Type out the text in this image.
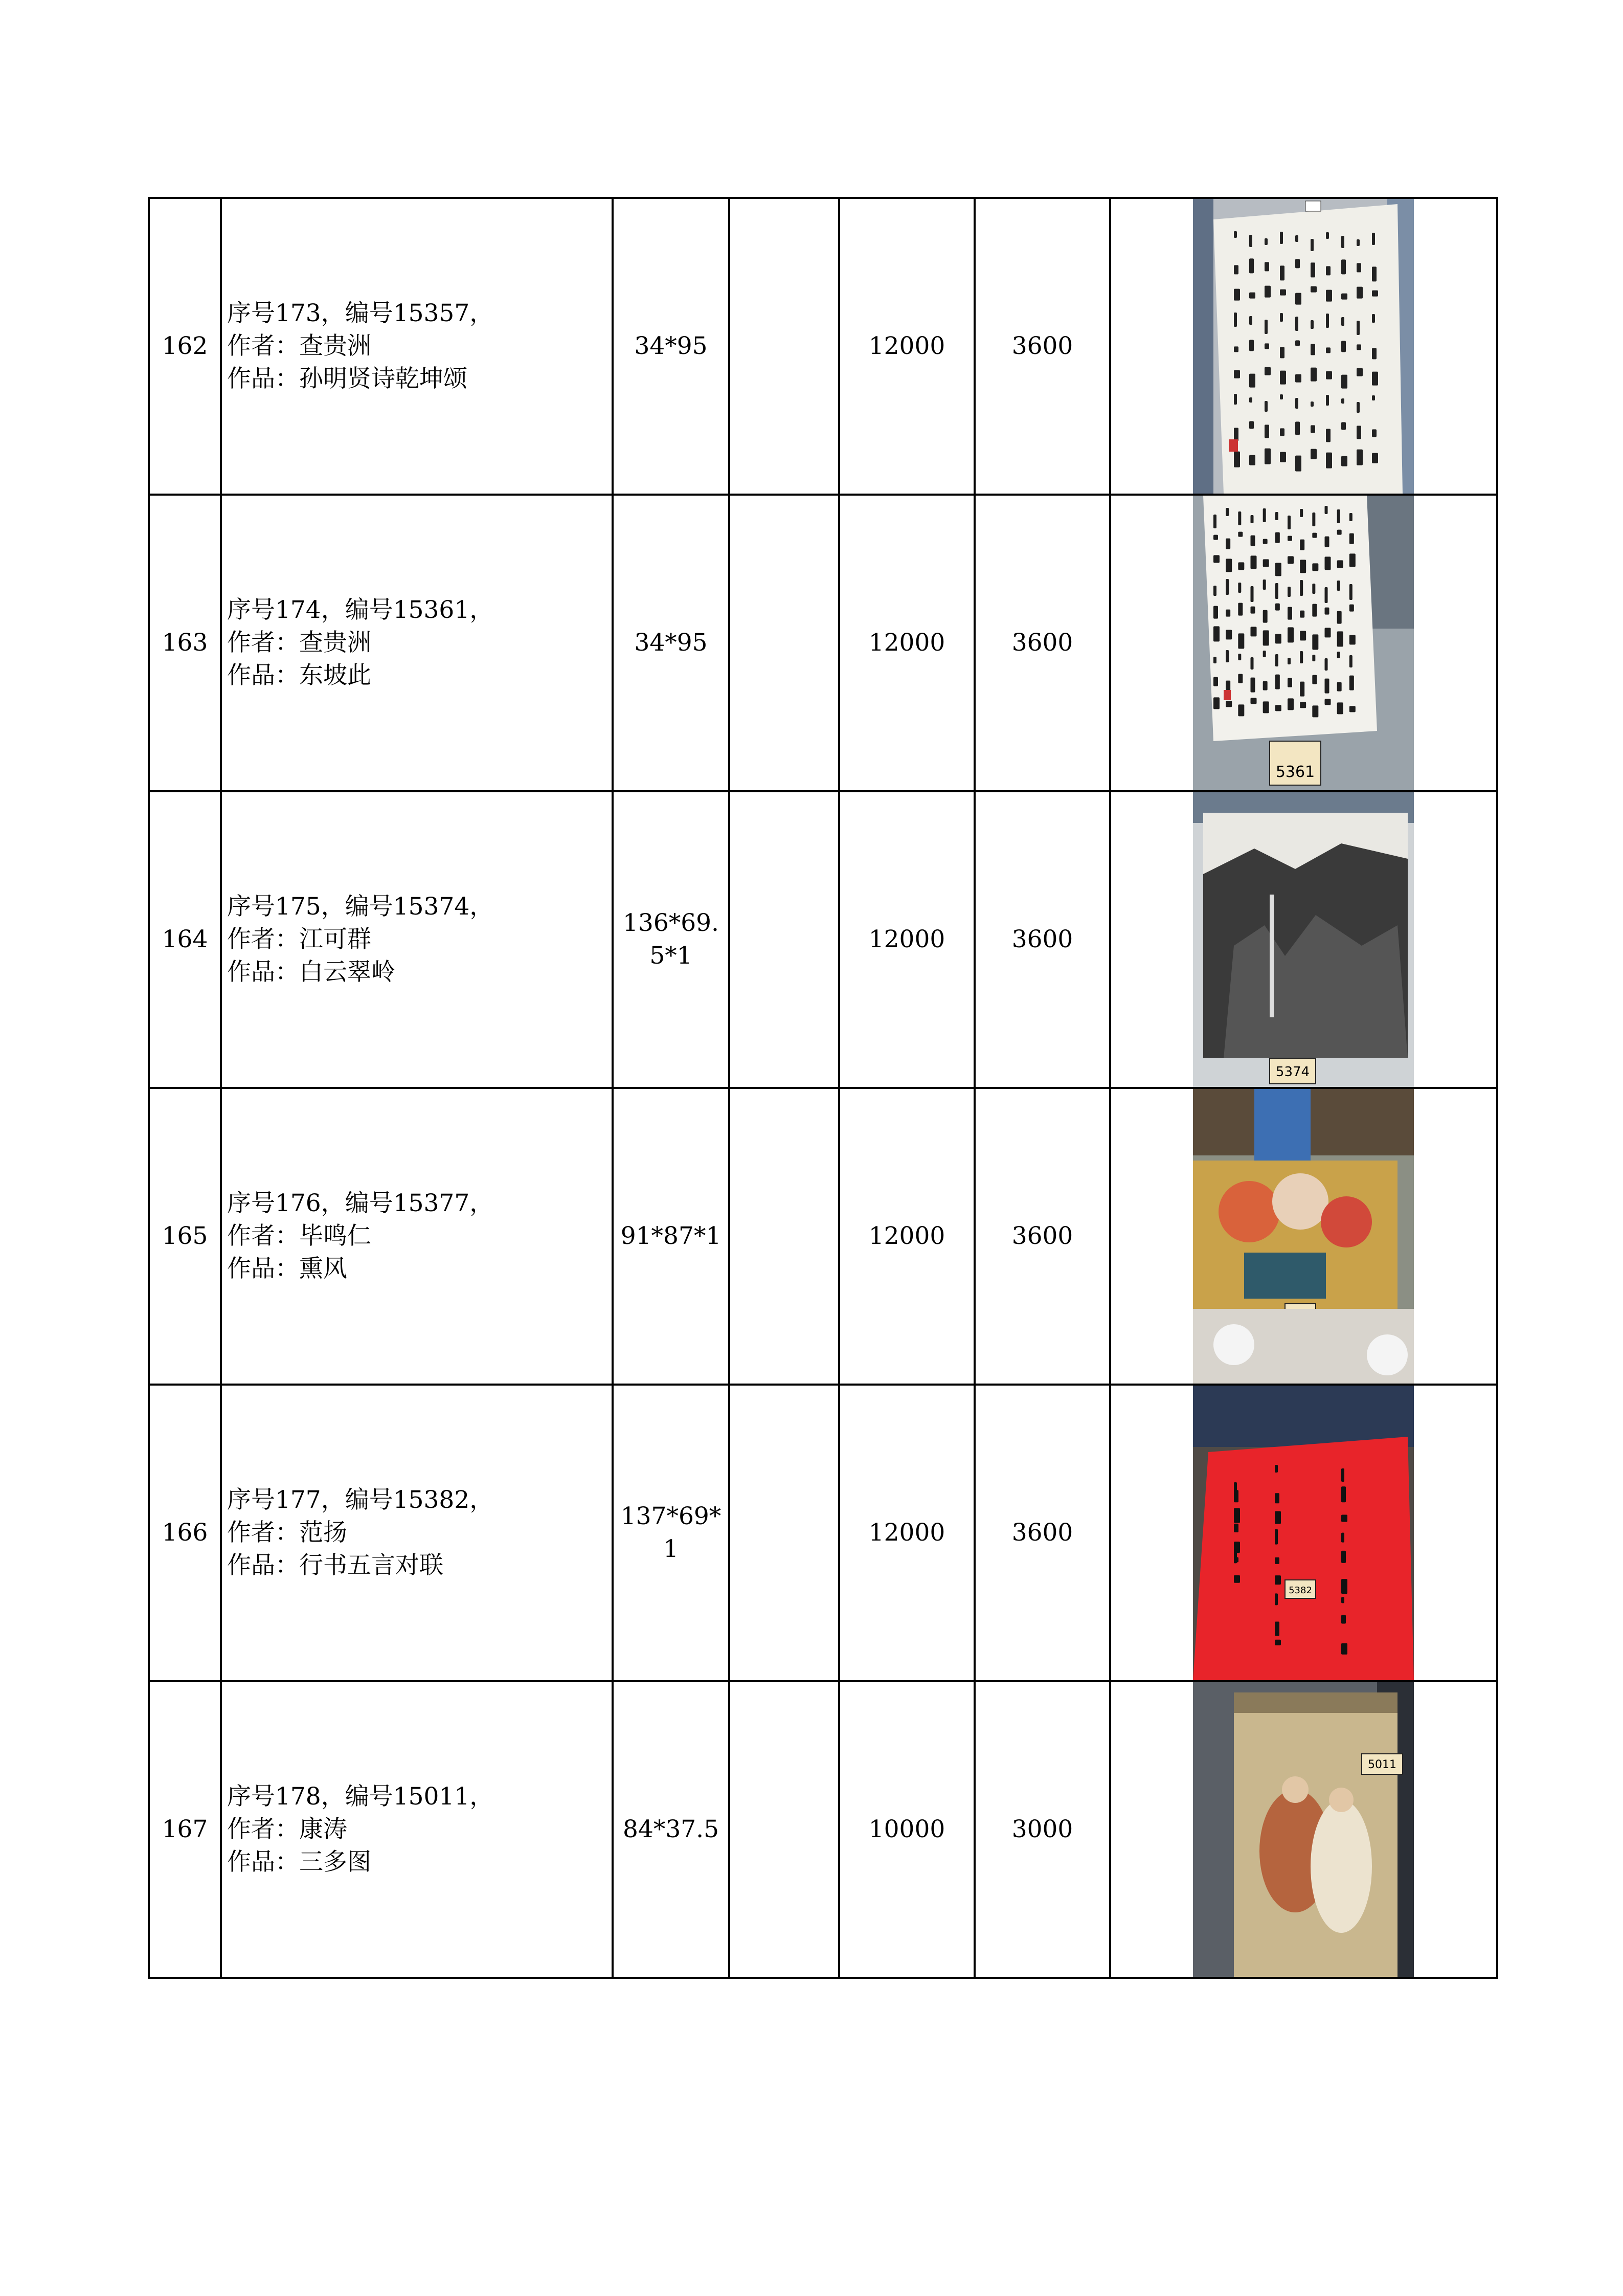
162	序号173，编号15357，
作者：查贵洲
作品：孙明贤诗乾坤颂	34*95		12000	3600	

163	序号174，编号15361，
作者：查贵洲
作品：东坡此	34*95		12000	3600	5361

164	序号175，编号15374，
作者：江可群
作品：白云翠岭	136*69.5*1		12000	3600	5374

165	序号176，编号15377，
作者：毕鸣仁
作品：熏风	91*87*1		12000	3600	

166	序号177，编号15382，
作者：范扬
作品：行书五言对联	137*69*1		12000	3600	5382

167	序号178，编号15011，
作者：康涛
作品：三多图	84*37.5		10000	3000	5011
